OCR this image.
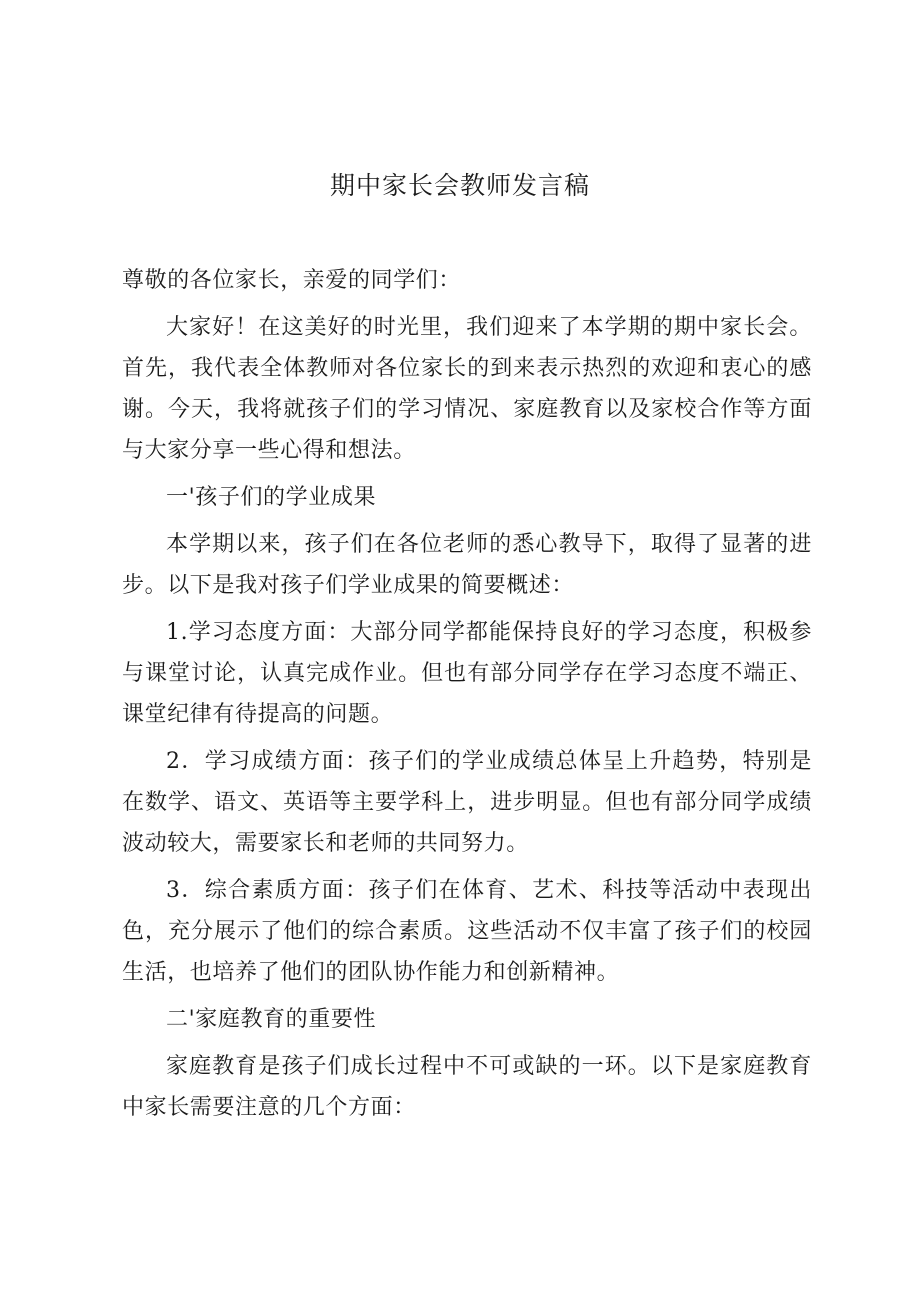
期中家长会教师发言稿

尊敬的各位家长，亲爱的同学们：

大家好！在这美好的时光里，我们迎来了本学期的期中家长会。首先，我代表全体教师对各位家长的到来表示热烈的欢迎和衷心的感谢。今天，我将就孩子们的学习情况、家庭教育以及家校合作等方面与大家分享一些心得和想法。

一'孩子们的学业成果

本学期以来，孩子们在各位老师的悉心教导下，取得了显著的进步。以下是我对孩子们学业成果的简要概述：

1.学习态度方面：大部分同学都能保持良好的学习态度，积极参与课堂讨论，认真完成作业。但也有部分同学存在学习态度不端正、课堂纪律有待提高的问题。

2．学习成绩方面：孩子们的学业成绩总体呈上升趋势，特别是在数学、语文、英语等主要学科上，进步明显。但也有部分同学成绩波动较大，需要家长和老师的共同努力。

3．综合素质方面：孩子们在体育、艺术、科技等活动中表现出色，充分展示了他们的综合素质。这些活动不仅丰富了孩子们的校园生活，也培养了他们的团队协作能力和创新精神。

二'家庭教育的重要性

家庭教育是孩子们成长过程中不可或缺的一环。以下是家庭教育中家长需要注意的几个方面：
